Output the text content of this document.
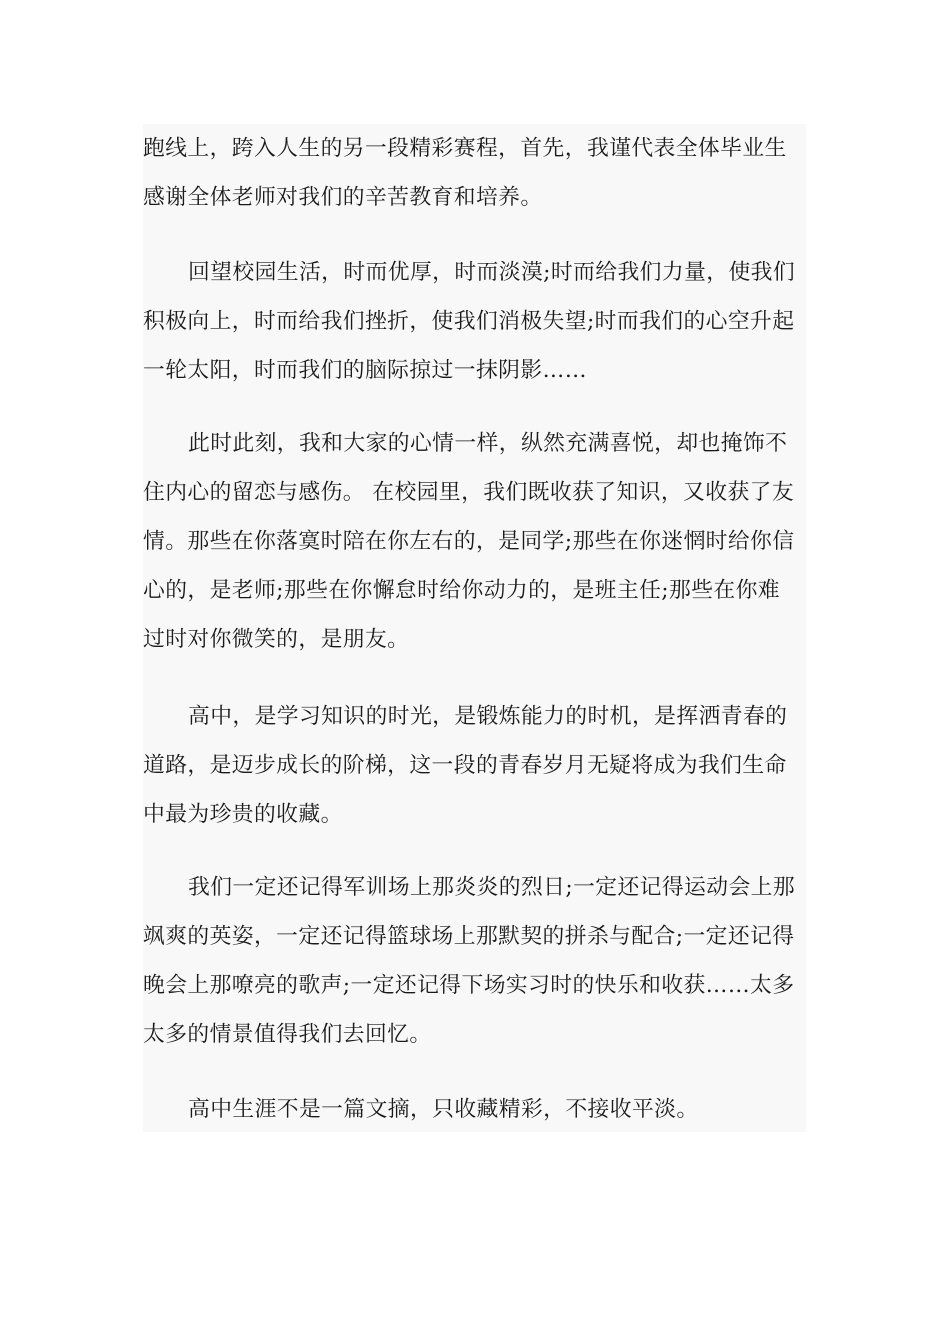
跑线上，跨入人生的另一段精彩赛程，首先，我谨代表全体毕业生
感谢全体老师对我们的辛苦教育和培养。

回望校园生活，时而优厚，时而淡漠;时而给我们力量，使我们
积极向上，时而给我们挫折，使我们消极失望;时而我们的心空升起
一轮太阳，时而我们的脑际掠过一抹阴影……

此时此刻，我和大家的心情一样，纵然充满喜悦，却也掩饰不
住内心的留恋与感伤。 在校园里，我们既收获了知识，又收获了友
情。那些在你落寞时陪在你左右的，是同学;那些在你迷惘时给你信
心的，是老师;那些在你懈怠时给你动力的，是班主任;那些在你难
过时对你微笑的，是朋友。

高中，是学习知识的时光，是锻炼能力的时机，是挥洒青春的
道路，是迈步成长的阶梯，这一段的青春岁月无疑将成为我们生命
中最为珍贵的收藏。

我们一定还记得军训场上那炎炎的烈日;一定还记得运动会上那
飒爽的英姿，一定还记得篮球场上那默契的拼杀与配合;一定还记得
晚会上那嘹亮的歌声;一定还记得下场实习时的快乐和收获……太多
太多的情景值得我们去回忆。

高中生涯不是一篇文摘，只收藏精彩，不接收平淡。
